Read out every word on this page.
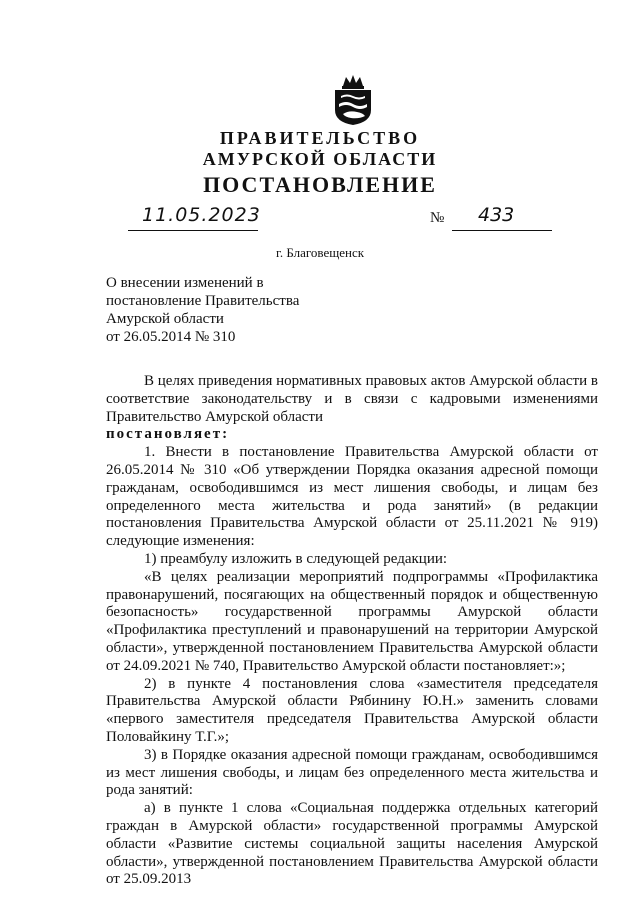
ПРАВИТЕЛЬСТВО
АМУРСКОЙ ОБЛАСТИ
ПОСТАНОВЛЕНИЕ
11.05.2023	№ 433
г. Благовещенск
О внесении изменений в
постановление Правительства
Амурской области
от 26.05.2014 № 310

В целях приведения нормативных правовых актов Амурской области в соответствие законодательству и в связи с кадровыми изменениями Правительство Амурской области

постановляет:

1. Внести в постановление Правительства Амурской области от 26.05.2014 № 310 «Об утверждении Порядка оказания адресной помощи гражданам, освободившимся из мест лишения свободы, и лицам без определенного места жительства и рода занятий» (в редакции постановления Правительства Амурской области от 25.11.2021 № 919) следующие изменения:

1) преамбулу изложить в следующей редакции:

«В целях реализации мероприятий подпрограммы «Профилактика правонарушений, посягающих на общественный порядок и общественную безопасность» государственной программы Амурской области «Профилактика преступлений и правонарушений на территории Амурской области», утвержденной постановлением Правительства Амурской области от 24.09.2021 № 740, Правительство Амурской области постановляет:»;

2) в пункте 4 постановления слова «заместителя председателя Правительства Амурской области Рябинину Ю.Н.» заменить словами «первого заместителя председателя Правительства Амурской области Половайкину Т.Г.»;

3) в Порядке оказания адресной помощи гражданам, освободившимся из мест лишения свободы, и лицам без определенного места жительства и рода занятий:

а) в пункте 1 слова «Социальная поддержка отдельных категорий граждан в Амурской области» государственной программы Амурской области «Развитие системы социальной защиты населения Амурской области», утвержденной постановлением Правительства Амурской области от 25.09.2013
